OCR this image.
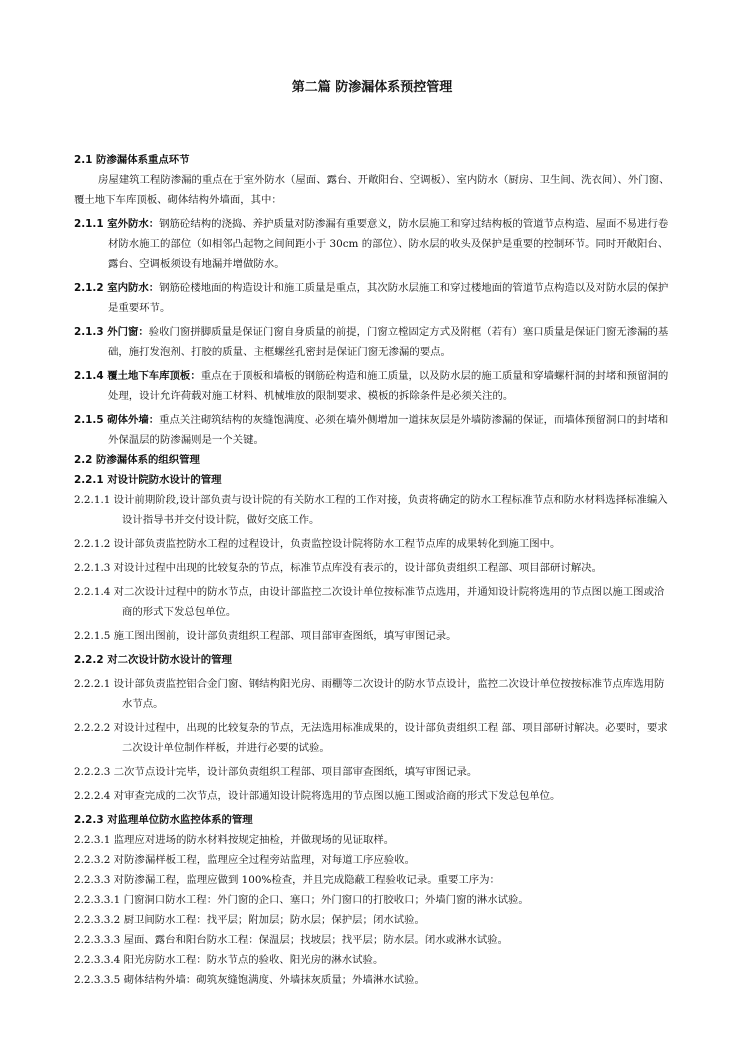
第二篇 防渗漏体系预控管理

2.1 防渗漏体系重点环节

房屋建筑工程防渗漏的重点在于室外防水（屋面、露台、开敞阳台、空调板）、室内防水（厨房、卫生间、洗衣间）、外门窗、覆土地下车库顶板、砌体结构外墙面，其中：

2.1.1 室外防水：钢筋砼结构的浇捣、养护质量对防渗漏有重要意义，防水层施工和穿过结构板的管道节点构造、屋面不易进行卷材防水施工的部位（如相邻凸起物之间间距小于 30cm 的部位）、防水层的收头及保护是重要的控制环节。同时开敞阳台、露台、空调板须设有地漏并增做防水。

2.1.2 室内防水：钢筋砼楼地面的构造设计和施工质量是重点，其次防水层施工和穿过楼地面的管道节点构造以及对防水层的保护是重要环节。

2.1.3 外门窗：验收门窗拼脚质量是保证门窗自身质量的前提，门窗立樘固定方式及附框（若有）塞口质量是保证门窗无渗漏的基础，施打发泡剂、打胶的质量、主框螺丝孔密封是保证门窗无渗漏的要点。

2.1.4 覆土地下车库顶板：重点在于顶板和墙板的钢筋砼构造和施工质量，以及防水层的施工质量和穿墙螺杆洞的封堵和预留洞的处理，设计允许荷载对施工材料、机械堆放的限制要求、模板的拆除条件是必须关注的。

2.1.5 砌体外墙：重点关注砌筑结构的灰缝饱满度、必须在墙外侧增加一道抹灰层是外墙防渗漏的保证，而墙体预留洞口的封堵和外保温层的防渗漏则是一个关键。

2.2 防渗漏体系的组织管理

2.2.1 对设计院防水设计的管理

2.2.1.1 设计前期阶段,设计部负责与设计院的有关防水工程的工作对接，负责将确定的防水工程标准节点和防水材料选择标准编入设计指导书并交付设计院，做好交底工作。

2.2.1.2 设计部负责监控防水工程的过程设计，负责监控设计院将防水工程节点库的成果转化到施工图中。

2.2.1.3 对设计过程中出现的比较复杂的节点，标准节点库没有表示的，设计部负责组织工程部、项目部研讨解决。

2.2.1.4 对二次设计过程中的防水节点，由设计部监控二次设计单位按标准节点选用，并通知设计院将选用的节点图以施工图或洽商的形式下发总包单位。

2.2.1.5 施工图出图前，设计部负责组织工程部、项目部审查图纸，填写审图记录。

2.2.2 对二次设计防水设计的管理

2.2.2.1 设计部负责监控铝合金门窗、钢结构阳光房、雨棚等二次设计的防水节点设计，监控二次设计单位按按标准节点库选用防水节点。

2.2.2.2 对设计过程中，出现的比较复杂的节点，无法选用标准成果的，设计部负责组织工程 部、项目部研讨解决。必要时，要求二次设计单位制作样板，并进行必要的试验。

2.2.2.3 二次节点设计完毕，设计部负责组织工程部、项目部审查图纸，填写审图记录。

2.2.2.4 对审查完成的二次节点，设计部通知设计院将选用的节点图以施工图或洽商的形式下发总包单位。

2.2.3 对监理单位防水监控体系的管理

2.2.3.1 监理应对进场的防水材料按规定抽检，并做现场的见证取样。

2.2.3.2 对防渗漏样板工程，监理应全过程旁站监理，对每道工序应验收。

2.2.3.3 对防渗漏工程，监理应做到 100%检查，并且完成隐蔽工程验收记录。重要工序为：

2.2.3.3.1 门窗洞口防水工程：外门窗的企口、塞口；外门窗口的打胶收口；外墙门窗的淋水试验。

2.2.3.3.2 厨卫间防水工程：找平层；附加层；防水层；保护层；闭水试验。

2.2.3.3.3 屋面、露台和阳台防水工程：保温层；找坡层；找平层；防水层。闭水或淋水试验。

2.2.3.3.4 阳光房防水工程：防水节点的验收、阳光房的淋水试验。

2.2.3.3.5 砌体结构外墙：砌筑灰缝饱满度、外墙抹灰质量；外墙淋水试验。
